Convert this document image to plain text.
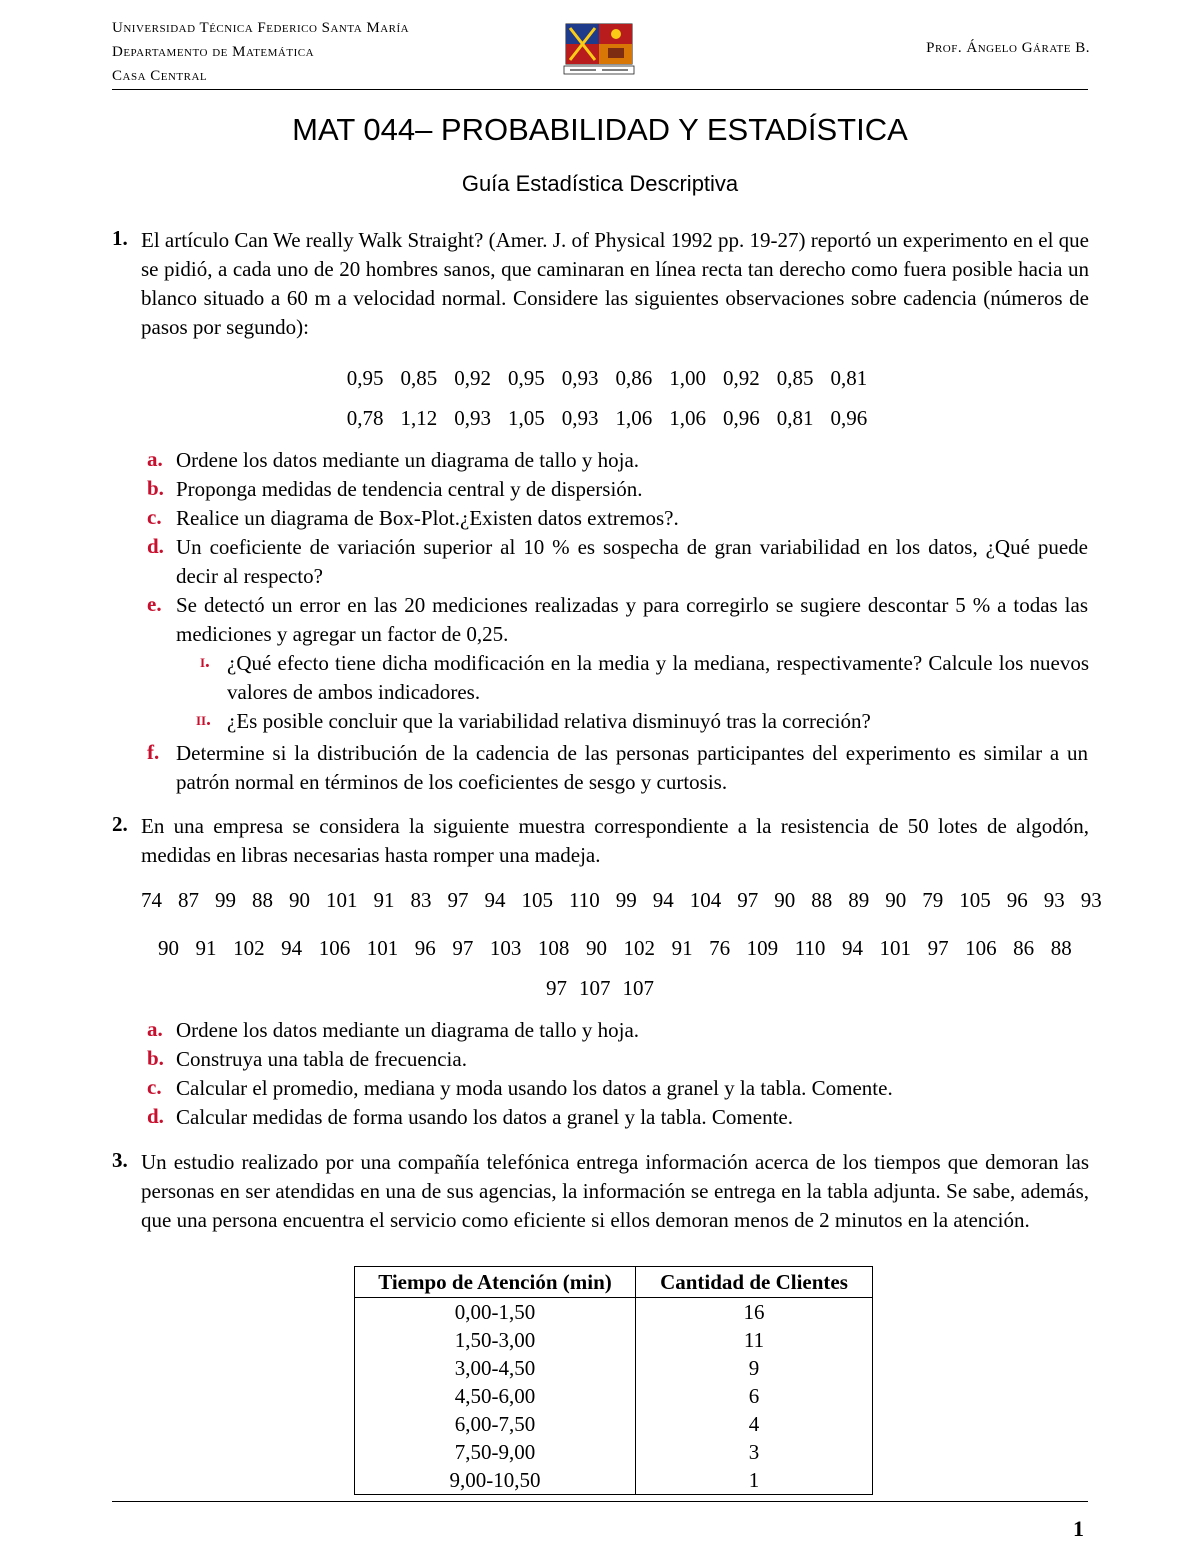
Universidad Técnica Federico Santa María
Departamento de Matemática
Casa Central
Prof. Ángelo Gárate B.
MAT 044– PROBABILIDAD Y ESTADÍSTICA
Guía Estadística Descriptiva
1. El artículo Can We really Walk Straight? (Amer. J. of Physical 1992 pp. 19-27) reportó un experimento en el que se pidió, a cada uno de 20 hombres sanos, que caminaran en línea recta tan derecho como fuera posible hacia un blanco situado a 60 m a velocidad normal. Considere las siguientes observaciones sobre cadencia (números de pasos por segundo):
0,95 0,85 0,92 0,95 0,93 0,86 1,00 0,92 0,85 0,81
0,78 1,12 0,93 1,05 0,93 1,06 1,06 0,96 0,81 0,96
a. Ordene los datos mediante un diagrama de tallo y hoja.
b. Proponga medidas de tendencia central y de dispersión.
c. Realice un diagrama de Box-Plot.¿Existen datos extremos?.
d. Un coeficiente de variación superior al 10 % es sospecha de gran variabilidad en los datos, ¿Qué puede decir al respecto?
e. Se detectó un error en las 20 mediciones realizadas y para corregirlo se sugiere descontar 5 % a todas las mediciones y agregar un factor de 0,25.
i. ¿Qué efecto tiene dicha modificación en la media y la mediana, respectivamente? Calcule los nuevos valores de ambos indicadores.
ii. ¿Es posible concluir que la variabilidad relativa disminuyó tras la correción?
f. Determine si la distribución de la cadencia de las personas participantes del experimento es similar a un patrón normal en términos de los coeficientes de sesgo y curtosis.
2. En una empresa se considera la siguiente muestra correspondiente a la resistencia de 50 lotes de algodón, medidas en libras necesarias hasta romper una madeja.
74 87 99 88 90 101 91 83 97 94 105 110 99 94 104 97 90 88 89 90 79 105 96 93 93
90 91 102 94 106 101 96 97 103 108 90 102 91 76 109 110 94 101 97 106 86 88
97 107 107
a. Ordene los datos mediante un diagrama de tallo y hoja.
b. Construya una tabla de frecuencia.
c. Calcular el promedio, mediana y moda usando los datos a granel y la tabla. Comente.
d. Calcular medidas de forma usando los datos a granel y la tabla. Comente.
3. Un estudio realizado por una compañía telefónica entrega información acerca de los tiempos que demoran las personas en ser atendidas en una de sus agencias, la información se entrega en la tabla adjunta. Se sabe, además, que una persona encuentra el servicio como eficiente si ellos demoran menos de 2 minutos en la atención.
Tiempo de Atención (min)	Cantidad de Clientes
0,00-1,50	16
1,50-3,00	11
3,00-4,50	9
4,50-6,00	6
6,00-7,50	4
7,50-9,00	3
9,00-10,50	1
1
